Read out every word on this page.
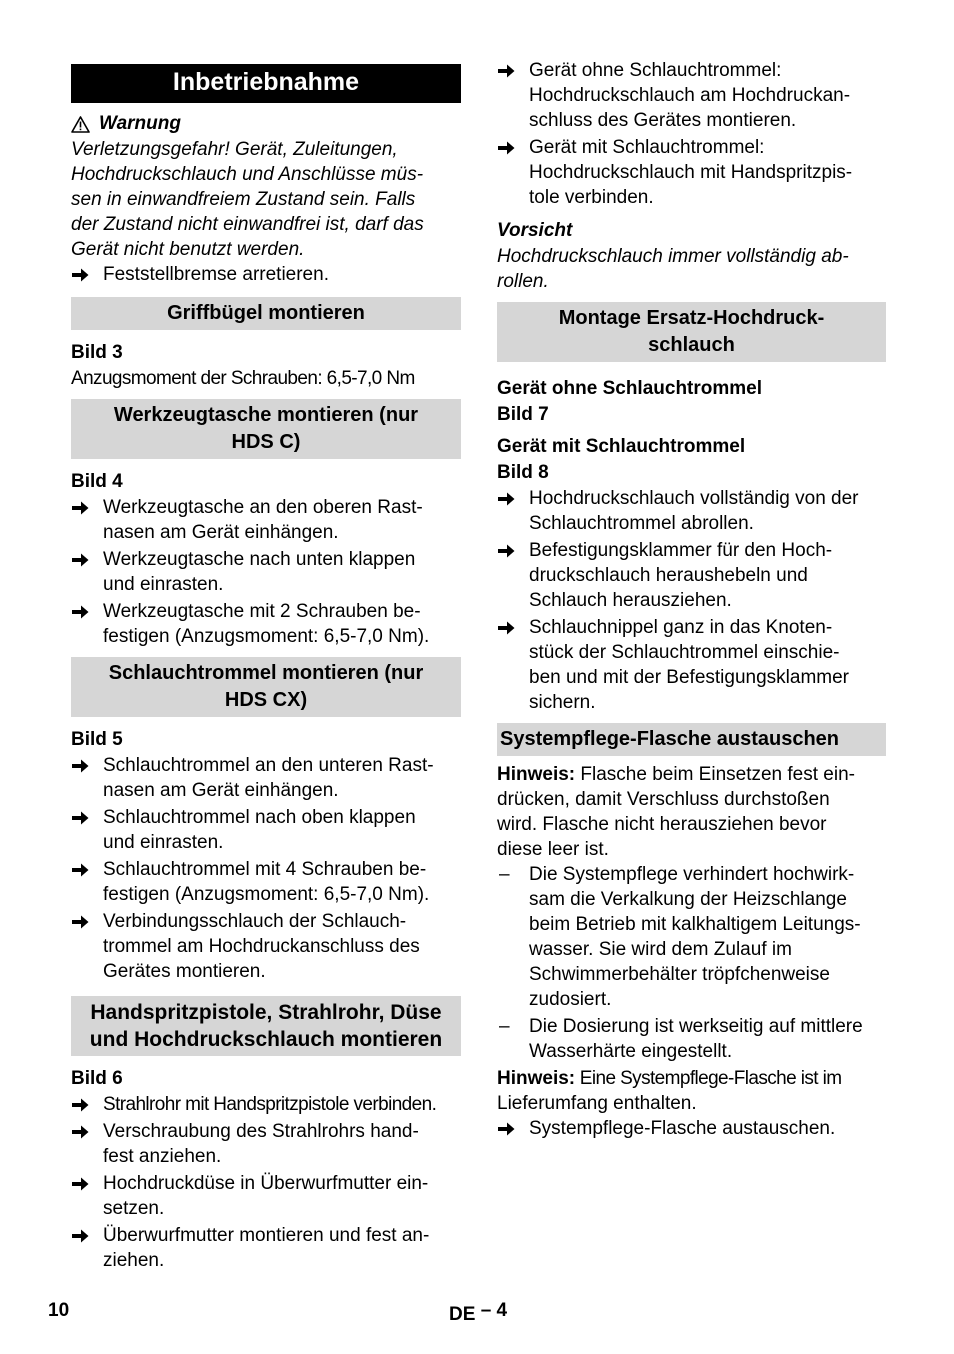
Inbetriebnahme
Warnung
Verletzungsgefahr! Gerät, Zuleitungen,
Hochdruckschlauch und Anschlüsse müs-
sen in einwandfreiem Zustand sein. Falls
der Zustand nicht einwandfrei ist, darf das
Gerät nicht benutzt werden.
Feststellbremse arretieren.
Griffbügel montieren
Bild 3
Anzugsmoment der Schrauben: 6,5-7,0 Nm
Werkzeugtasche montieren (nur
HDS C)
Bild 4
Werkzeugtasche an den oberen Rast-
nasen am Gerät einhängen.
Werkzeugtasche nach unten klappen
und einrasten.
Werkzeugtasche mit 2 Schrauben be-
festigen (Anzugsmoment: 6,5-7,0 Nm).
Schlauchtrommel montieren (nur
HDS CX)
Bild 5
Schlauchtrommel an den unteren Rast-
nasen am Gerät einhängen.
Schlauchtrommel nach oben klappen
und einrasten.
Schlauchtrommel mit 4 Schrauben be-
festigen (Anzugsmoment: 6,5-7,0 Nm).
Verbindungsschlauch der Schlauch-
trommel am Hochdruckanschluss des
Gerätes montieren.
Handspritzpistole, Strahlrohr, Düse
und Hochdruckschlauch montieren
Bild 6
Strahlrohr mit Handspritzpistole verbinden.
Verschraubung des Strahlrohrs hand-
fest anziehen.
Hochdruckdüse in Überwurfmutter ein-
setzen.
Überwurfmutter montieren und fest an-
ziehen.
Gerät ohne Schlauchtrommel:
Hochdruckschlauch am Hochdruckan-
schluss des Gerätes montieren.
Gerät mit Schlauchtrommel:
Hochdruckschlauch mit Handspritzpis-
tole verbinden.
Vorsicht
Hochdruckschlauch immer vollständig ab-
rollen.
Montage Ersatz-Hochdruck-
schlauch
Gerät ohne Schlauchtrommel
Bild 7
Gerät mit Schlauchtrommel
Bild 8
Hochdruckschlauch vollständig von der
Schlauchtrommel abrollen.
Befestigungsklammer für den Hoch-
druckschlauch heraushebeln und
Schlauch herausziehen.
Schlauchnippel ganz in das Knoten-
stück der Schlauchtrommel einschie-
ben und mit der Befestigungsklammer
sichern.
Systempflege-Flasche austauschen
Hinweis: Flasche beim Einsetzen fest ein-
drücken, damit Verschluss durchstoßen
wird. Flasche nicht herausziehen bevor
diese leer ist.
–	Die Systempflege verhindert hochwirk-
sam die Verkalkung der Heizschlange
beim Betrieb mit kalkhaltigem Leitungs-
wasser. Sie wird dem Zulauf im
Schwimmerbehälter tröpfchenweise
zudosiert.
–	Die Dosierung ist werkseitig auf mittlere
Wasserhärte eingestellt.
Hinweis: Eine Systempflege-Flasche ist im
Lieferumfang enthalten.
Systempflege-Flasche austauschen.
10	DE $^{- 4}$
